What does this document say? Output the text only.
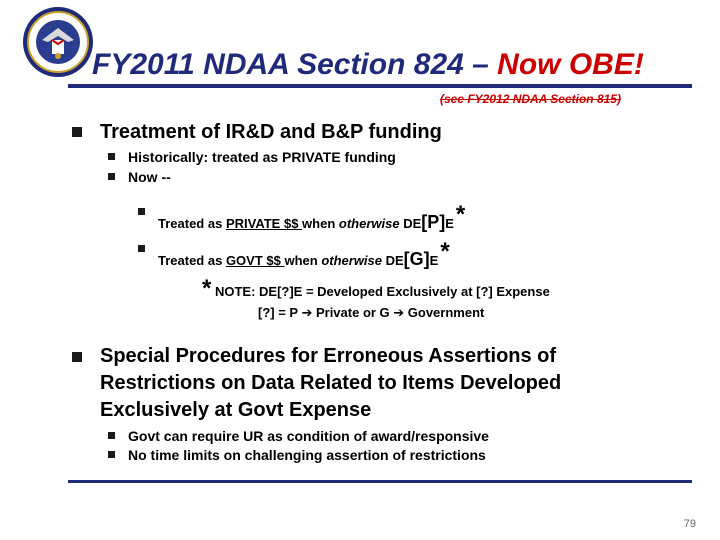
FY2011 NDAA Section 824 – Now OBE!
(see FY2012 NDAA Section 815)
Treatment of IR&D and B&P funding
Historically: treated as PRIVATE funding
Now --
Treated as PRIVATE $$ when otherwise DE[P]E*
Treated as GOVT $$ when otherwise DE[G]E*
* NOTE: DE[?]E = Developed Exclusively at [?] Expense
[?] = P ➔ Private or G ➔ Government
Special Procedures for Erroneous Assertions of
Restrictions on Data Related to Items Developed
Exclusively at Govt Expense
Govt can require UR as condition of award/responsive
No time limits on challenging assertion of restrictions
79
